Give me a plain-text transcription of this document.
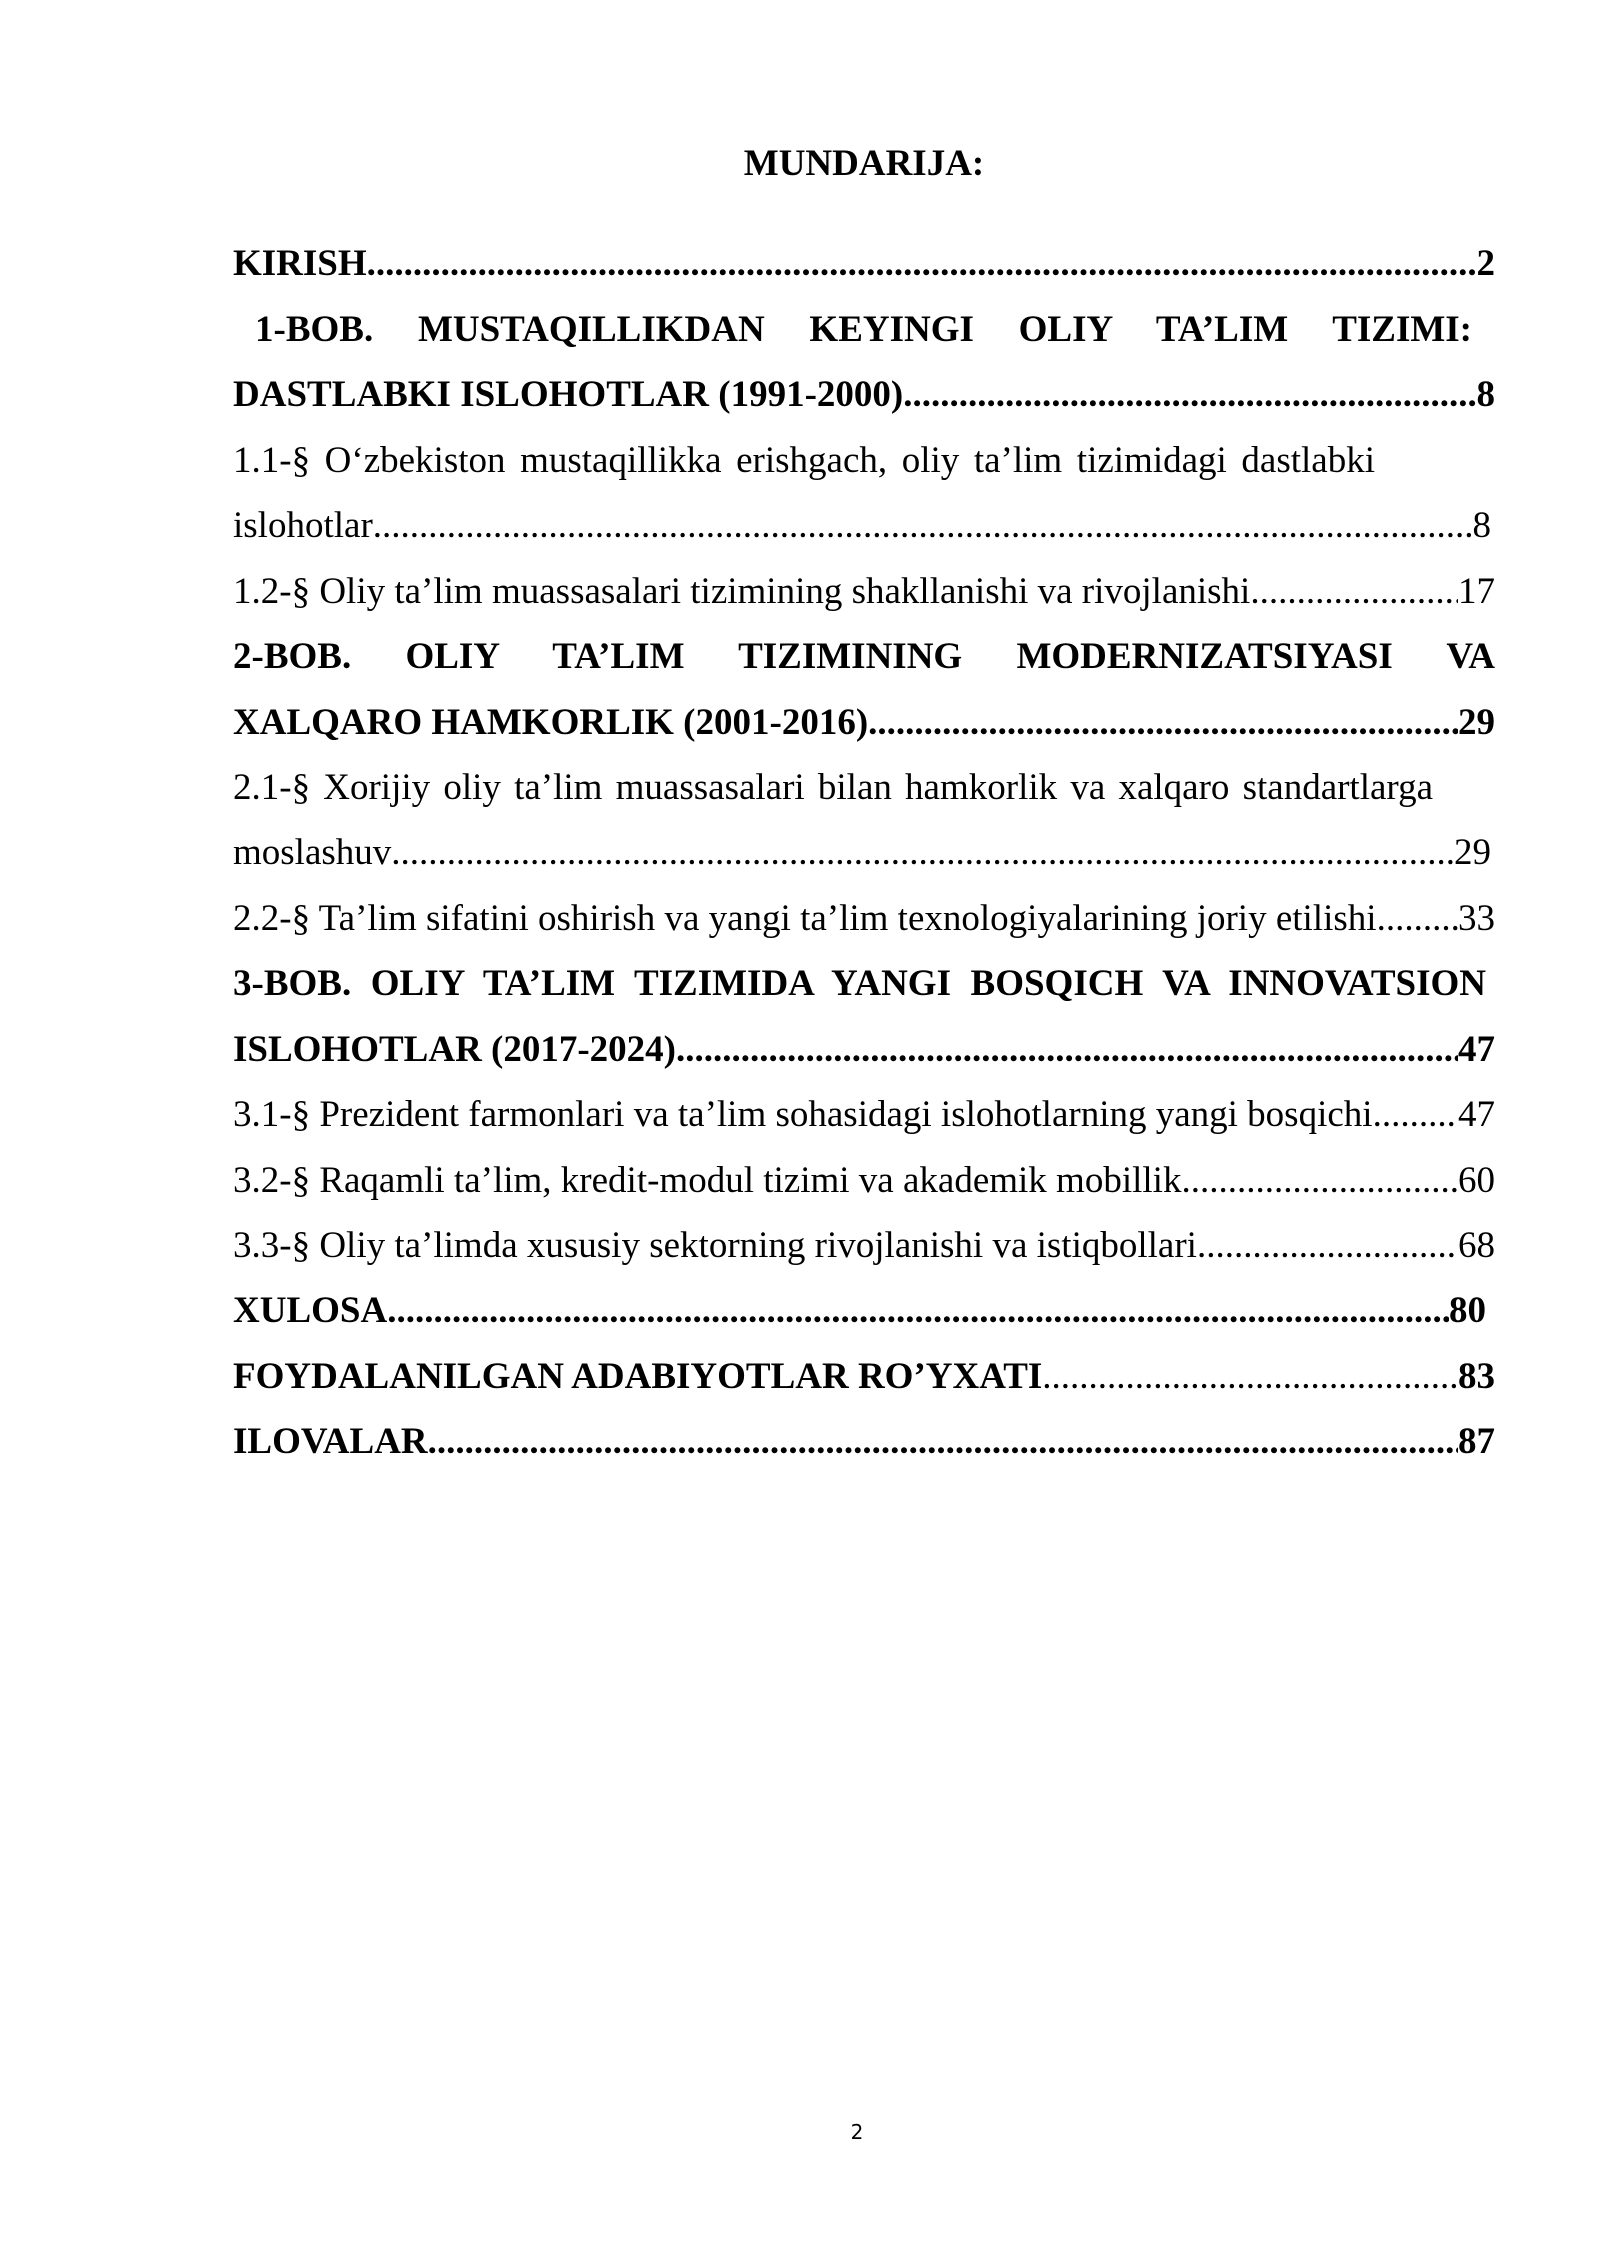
MUNDARIJA:
KIRISH .....	2
1-BOB. MUSTAQILLIKDAN KEYINGI OLIY TA’LIM TIZIMI:
DASTLABKI ISLOHOTLAR (1991-2000) .....	8
1.1-§ O‘zbekiston mustaqillikka erishgach, oliy ta’lim tizimidagi dastlabki
islohotlar .....	8
1.2-§ Oliy ta’lim muassasalari tizimining shakllanishi va rivojlanishi .....	17
2-BOB. OLIY TA’LIM TIZIMINING MODERNIZATSIYASI VA
XALQARO HAMKORLIK (2001-2016) .....	29
2.1-§ Xorijiy oliy ta’lim muassasalari bilan hamkorlik va xalqaro standartlarga
moslashuv .....	29
2.2-§ Ta’lim sifatini oshirish va yangi ta’lim texnologiyalarining joriy etilishi ..... 33
3-BOB. OLIY TA’LIM TIZIMIDA YANGI BOSQICH VA INNOVATSION
ISLOHOTLAR (2017-2024) .....	47
3.1-§ Prezident farmonlari va ta’lim sohasidagi islohotlarning yangi bosqichi ..... 47
3.2-§ Raqamli ta’lim, kredit-modul tizimi va akademik mobillik .....	60
3.3-§ Oliy ta’limda xususiy sektorning rivojlanishi va istiqbollari .....	68
XULOSA .....	80
FOYDALANILGAN ADABIYOTLAR RO’YXATI .....	83
ILOVALAR .....	87
2
